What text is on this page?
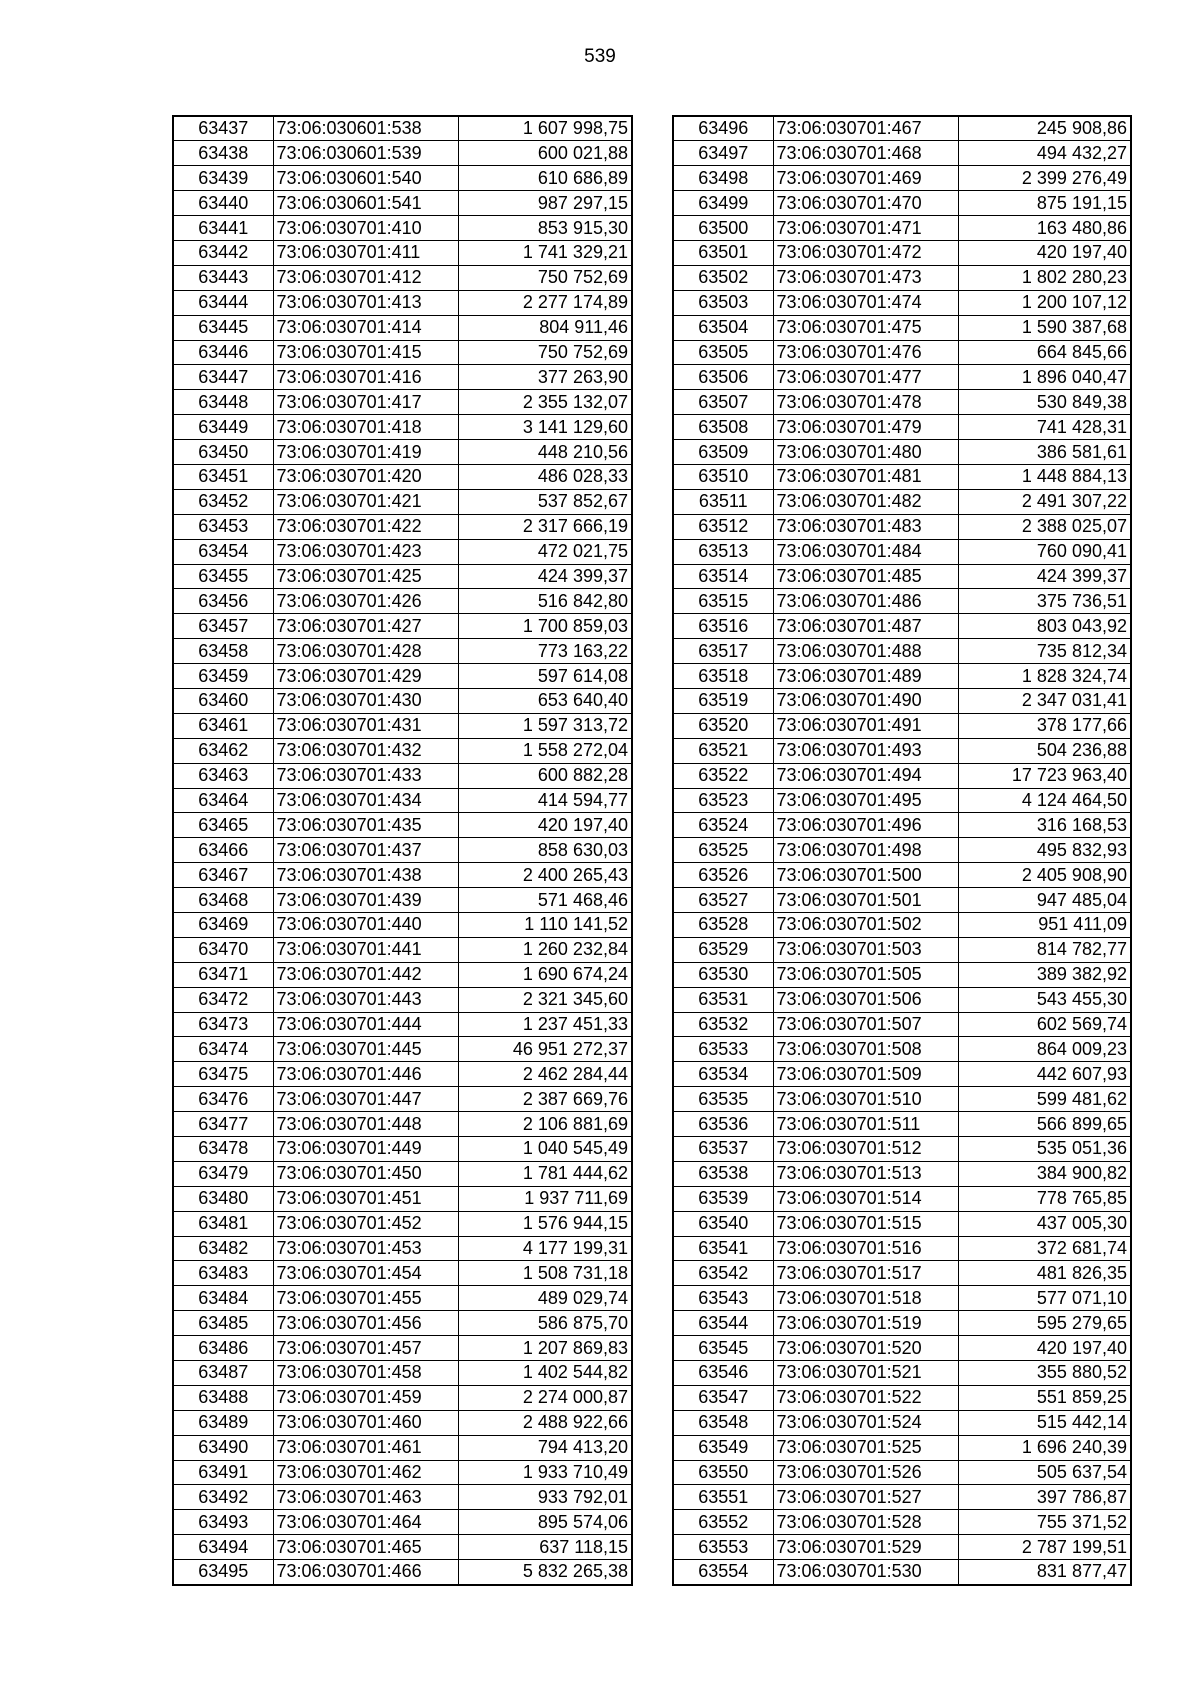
539
63437	73:06:030601:538	1 607 998,75
63438	73:06:030601:539	600 021,88
63439	73:06:030601:540	610 686,89
63440	73:06:030601:541	987 297,15
63441	73:06:030701:410	853 915,30
63442	73:06:030701:411	1 741 329,21
63443	73:06:030701:412	750 752,69
63444	73:06:030701:413	2 277 174,89
63445	73:06:030701:414	804 911,46
63446	73:06:030701:415	750 752,69
63447	73:06:030701:416	377 263,90
63448	73:06:030701:417	2 355 132,07
63449	73:06:030701:418	3 141 129,60
63450	73:06:030701:419	448 210,56
63451	73:06:030701:420	486 028,33
63452	73:06:030701:421	537 852,67
63453	73:06:030701:422	2 317 666,19
63454	73:06:030701:423	472 021,75
63455	73:06:030701:425	424 399,37
63456	73:06:030701:426	516 842,80
63457	73:06:030701:427	1 700 859,03
63458	73:06:030701:428	773 163,22
63459	73:06:030701:429	597 614,08
63460	73:06:030701:430	653 640,40
63461	73:06:030701:431	1 597 313,72
63462	73:06:030701:432	1 558 272,04
63463	73:06:030701:433	600 882,28
63464	73:06:030701:434	414 594,77
63465	73:06:030701:435	420 197,40
63466	73:06:030701:437	858 630,03
63467	73:06:030701:438	2 400 265,43
63468	73:06:030701:439	571 468,46
63469	73:06:030701:440	1 110 141,52
63470	73:06:030701:441	1 260 232,84
63471	73:06:030701:442	1 690 674,24
63472	73:06:030701:443	2 321 345,60
63473	73:06:030701:444	1 237 451,33
63474	73:06:030701:445	46 951 272,37
63475	73:06:030701:446	2 462 284,44
63476	73:06:030701:447	2 387 669,76
63477	73:06:030701:448	2 106 881,69
63478	73:06:030701:449	1 040 545,49
63479	73:06:030701:450	1 781 444,62
63480	73:06:030701:451	1 937 711,69
63481	73:06:030701:452	1 576 944,15
63482	73:06:030701:453	4 177 199,31
63483	73:06:030701:454	1 508 731,18
63484	73:06:030701:455	489 029,74
63485	73:06:030701:456	586 875,70
63486	73:06:030701:457	1 207 869,83
63487	73:06:030701:458	1 402 544,82
63488	73:06:030701:459	2 274 000,87
63489	73:06:030701:460	2 488 922,66
63490	73:06:030701:461	794 413,20
63491	73:06:030701:462	1 933 710,49
63492	73:06:030701:463	933 792,01
63493	73:06:030701:464	895 574,06
63494	73:06:030701:465	637 118,15
63495	73:06:030701:466	5 832 265,38
63496	73:06:030701:467	245 908,86
63497	73:06:030701:468	494 432,27
63498	73:06:030701:469	2 399 276,49
63499	73:06:030701:470	875 191,15
63500	73:06:030701:471	163 480,86
63501	73:06:030701:472	420 197,40
63502	73:06:030701:473	1 802 280,23
63503	73:06:030701:474	1 200 107,12
63504	73:06:030701:475	1 590 387,68
63505	73:06:030701:476	664 845,66
63506	73:06:030701:477	1 896 040,47
63507	73:06:030701:478	530 849,38
63508	73:06:030701:479	741 428,31
63509	73:06:030701:480	386 581,61
63510	73:06:030701:481	1 448 884,13
63511	73:06:030701:482	2 491 307,22
63512	73:06:030701:483	2 388 025,07
63513	73:06:030701:484	760 090,41
63514	73:06:030701:485	424 399,37
63515	73:06:030701:486	375 736,51
63516	73:06:030701:487	803 043,92
63517	73:06:030701:488	735 812,34
63518	73:06:030701:489	1 828 324,74
63519	73:06:030701:490	2 347 031,41
63520	73:06:030701:491	378 177,66
63521	73:06:030701:493	504 236,88
63522	73:06:030701:494	17 723 963,40
63523	73:06:030701:495	4 124 464,50
63524	73:06:030701:496	316 168,53
63525	73:06:030701:498	495 832,93
63526	73:06:030701:500	2 405 908,90
63527	73:06:030701:501	947 485,04
63528	73:06:030701:502	951 411,09
63529	73:06:030701:503	814 782,77
63530	73:06:030701:505	389 382,92
63531	73:06:030701:506	543 455,30
63532	73:06:030701:507	602 569,74
63533	73:06:030701:508	864 009,23
63534	73:06:030701:509	442 607,93
63535	73:06:030701:510	599 481,62
63536	73:06:030701:511	566 899,65
63537	73:06:030701:512	535 051,36
63538	73:06:030701:513	384 900,82
63539	73:06:030701:514	778 765,85
63540	73:06:030701:515	437 005,30
63541	73:06:030701:516	372 681,74
63542	73:06:030701:517	481 826,35
63543	73:06:030701:518	577 071,10
63544	73:06:030701:519	595 279,65
63545	73:06:030701:520	420 197,40
63546	73:06:030701:521	355 880,52
63547	73:06:030701:522	551 859,25
63548	73:06:030701:524	515 442,14
63549	73:06:030701:525	1 696 240,39
63550	73:06:030701:526	505 637,54
63551	73:06:030701:527	397 786,87
63552	73:06:030701:528	755 371,52
63553	73:06:030701:529	2 787 199,51
63554	73:06:030701:530	831 877,47
